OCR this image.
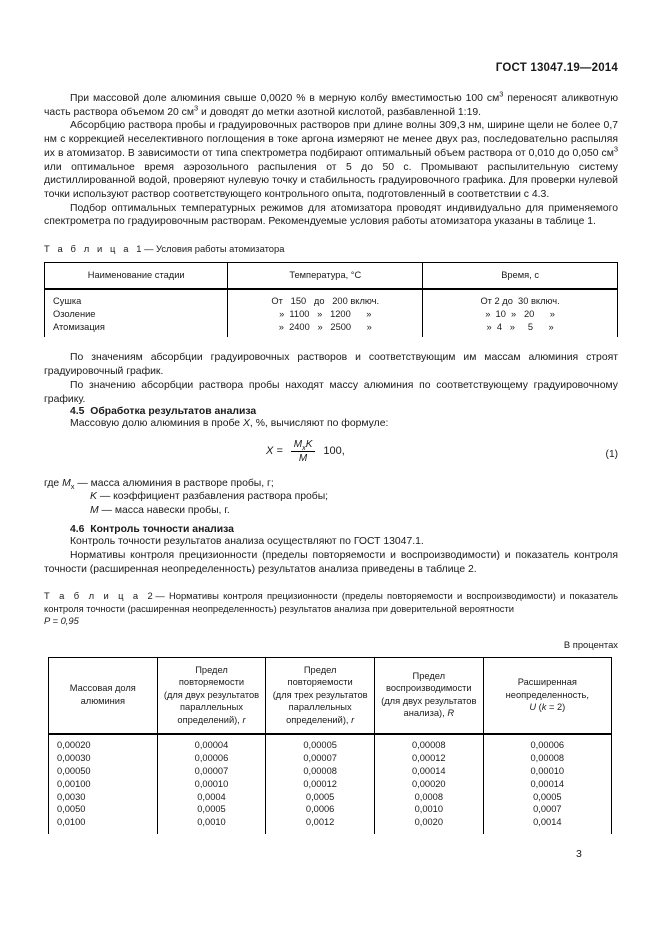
ГОСТ 13047.19—2014

При массовой доле алюминия свыше 0,0020 % в мерную колбу вместимостью 100 $см^3$ переносят аликвотную часть раствора объемом 20 $см^3$ и доводят до метки азотной кислотой, разбавленной 1:19.

Абсорбцию раствора пробы и градуировочных растворов при длине волны 309,3 нм, ширине щели не более 0,7 нм с коррекцией неселективного поглощения в токе аргона измеряют не менее двух раз, последовательно распыляя их в атомизатор. В зависимости от типа спектрометра подбирают оптимальный объем раствора от 0,010 до 0,050 $см^3$ или оптимальное время аэрозольного распыления от 5 до 50 с. Промывают распылительную систему дистиллированной водой, проверяют нулевую точку и стабильность градуировочного графика. Для проверки нулевой точки используют раствор соответствующего контрольного опыта, подготовленный в соответствии с 4.3.

Подбор оптимальных температурных режимов для атомизатора проводят индивидуально для применяемого спектрометра по градуировочным растворам. Рекомендуемые условия работы атомизатора указаны в таблице 1.

Т а б л и ц а 1— Условия работы атомизатора

Наименование стадии	Температура, °С	Время, с
Сушка	От   150   до   200 включ.	От 2 до  30 включ.
Озоление	»  1100   »   1200      »	»  10  »   20      »
Атомизация	»  2400   »   2500      »	»  4   »     5      »

По значениям абсорбции градуировочных растворов и соответствующим им массам алюминия строят градуировочный график.

По значению абсорбции раствора пробы находят массу алюминия по соответствующему градуировочному графику.

4.5 Обработка результатов анализа

Массовую долю алюминия в пробе X, %, вычисляют по формуле:

$X = \frac{M_xK}{M} 100$,	(1)

где $M_x$ — масса алюминия в растворе пробы, г;

K — коэффициент разбавления раствора пробы;

M — масса навески пробы, г.

4.6 Контроль точности анализа

Контроль точности результатов анализа осуществляют по ГОСТ 13047.1.

Нормативы контроля прецизионности (пределы повторяемости и воспроизводимости) и показатель контроля точности (расширенная неопределенность) результатов анализа приведены в таблице 2.

Т а б л и ц а 2— Нормативы контроля прецизионности (пределы повторяемости и воспроизводимости) и показатель контроля точности (расширенная неопределенность) результатов анализа при доверительной вероятности
P = 0,95

В процентах

Массовая доля
алюминия	Предел повторяемости
(для двух результатов
параллельных
определений), r	Предел повторяемости
(для трех результатов
параллельных
определений), r	Предел
воспроизводимости
(для двух результатов
анализа), R	Расширенная
неопределенность,
U (k = 2)
0,00020	0,00004	0,00005	0,00008	0,00006
0,00030	0,00006	0,00007	0,00012	0,00008
0,00050	0,00007	0,00008	0,00014	0,00010
0,00100	0,00010	0,00012	0,00020	0,00014
0,0030	0,0004	0,0005	0,0008	0,0005
0,0050	0,0005	0,0006	0,0010	0,0007
0,0100	0,0010	0,0012	0,0020	0,0014
3
